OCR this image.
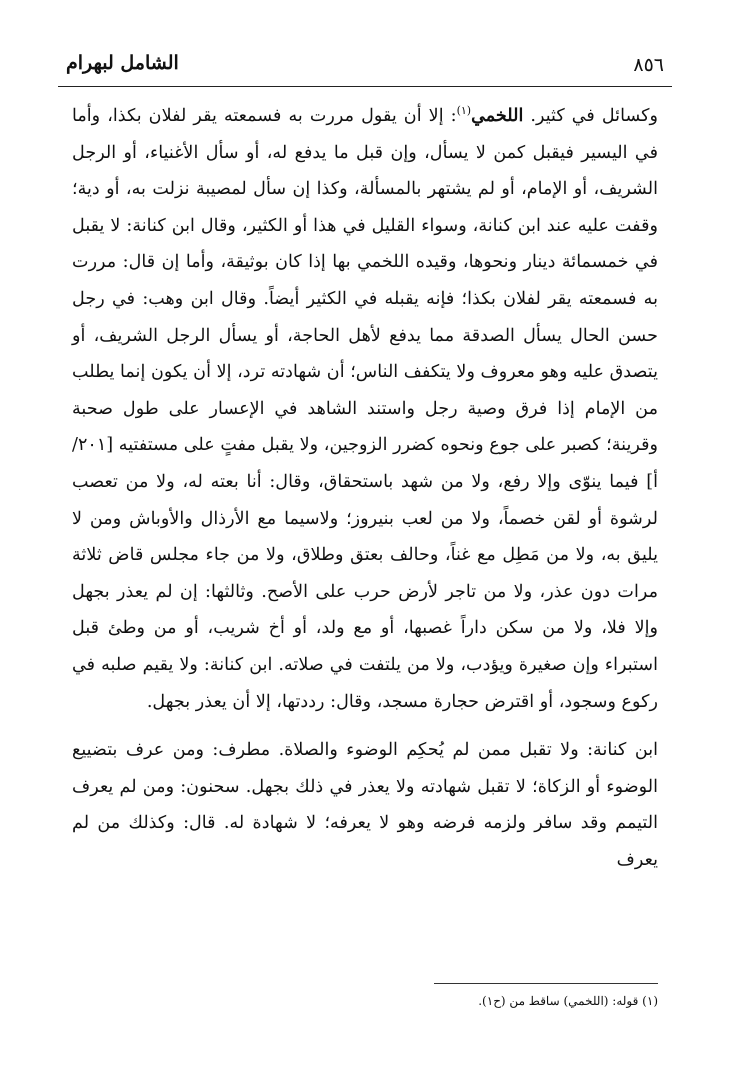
٨٥٦
الشامل لبهرام

وكسائل في كثير. اللخمي$^{(١)}$: إلا أن يقول مررت به فسمعته يقر لفلان بكذا، وأما في اليسير فيقبل كمن لا يسأل، وإن قبل ما يدفع له، أو سأل الأغنياء، أو الرجل الشريف، أو الإمام، أو لم يشتهر بالمسألة، وكذا إن سأل لمصيبة نزلت به، أو دية؛ وقفت عليه عند ابن كنانة، وسواء القليل في هذا أو الكثير، وقال ابن كنانة: لا يقبل في خمسمائة دينار ونحوها، وقيده اللخمي بها إذا كان بوثيقة، وأما إن قال: مررت به فسمعته يقر لفلان بكذا؛ فإنه يقبله في الكثير أيضاً. وقال ابن وهب: في رجل حسن الحال يسأل الصدقة مما يدفع لأهل الحاجة، أو يسأل الرجل الشريف، أو يتصدق عليه وهو معروف ولا يتكفف الناس؛ أن شهادته ترد، إلا أن يكون إنما يطلب من الإمام إذا فرق وصية رجل واستند الشاهد في الإعسار على طول صحبة وقرينة؛ كصبر على جوع ونحوه كضرر الزوجين، ولا يقبل مفتٍ على مستفتيه [٢٠١/أ] فيما ينوّى وإلا رفع، ولا من شهد باستحقاق، وقال: أنا بعته له، ولا من تعصب لرشوة أو لقن خصماً، ولا من لعب بنيروز؛ ولاسيما مع الأرذال والأوباش ومن لا يليق به، ولا من مَطِل مع غناً، وحالف بعتق وطلاق، ولا من جاء مجلس قاض ثلاثة مرات دون عذر، ولا من تاجر لأرض حرب على الأصح. وثالثها: إن لم يعذر بجهل وإلا فلا، ولا من سكن داراً غصبها، أو مع ولد، أو أخ شريب، أو من وطئ قبل استبراء وإن صغيرة ويؤدب، ولا من يلتفت في صلاته. ابن كنانة: ولا يقيم صلبه في ركوع وسجود، أو اقترض حجارة مسجد، وقال: رددتها، إلا أن يعذر بجهل.

ابن كنانة: ولا تقبل ممن لم يُحكِم الوضوء والصلاة. مطرف: ومن عرف بتضييع الوضوء أو الزكاة؛ لا تقبل شهادته ولا يعذر في ذلك بجهل. سحنون: ومن لم يعرف التيمم وقد سافر ولزمه فرضه وهو لا يعرفه؛ لا شهادة له. قال: وكذلك من لم يعرف

(١) قوله: (اللخمي) ساقط من (ح١).
